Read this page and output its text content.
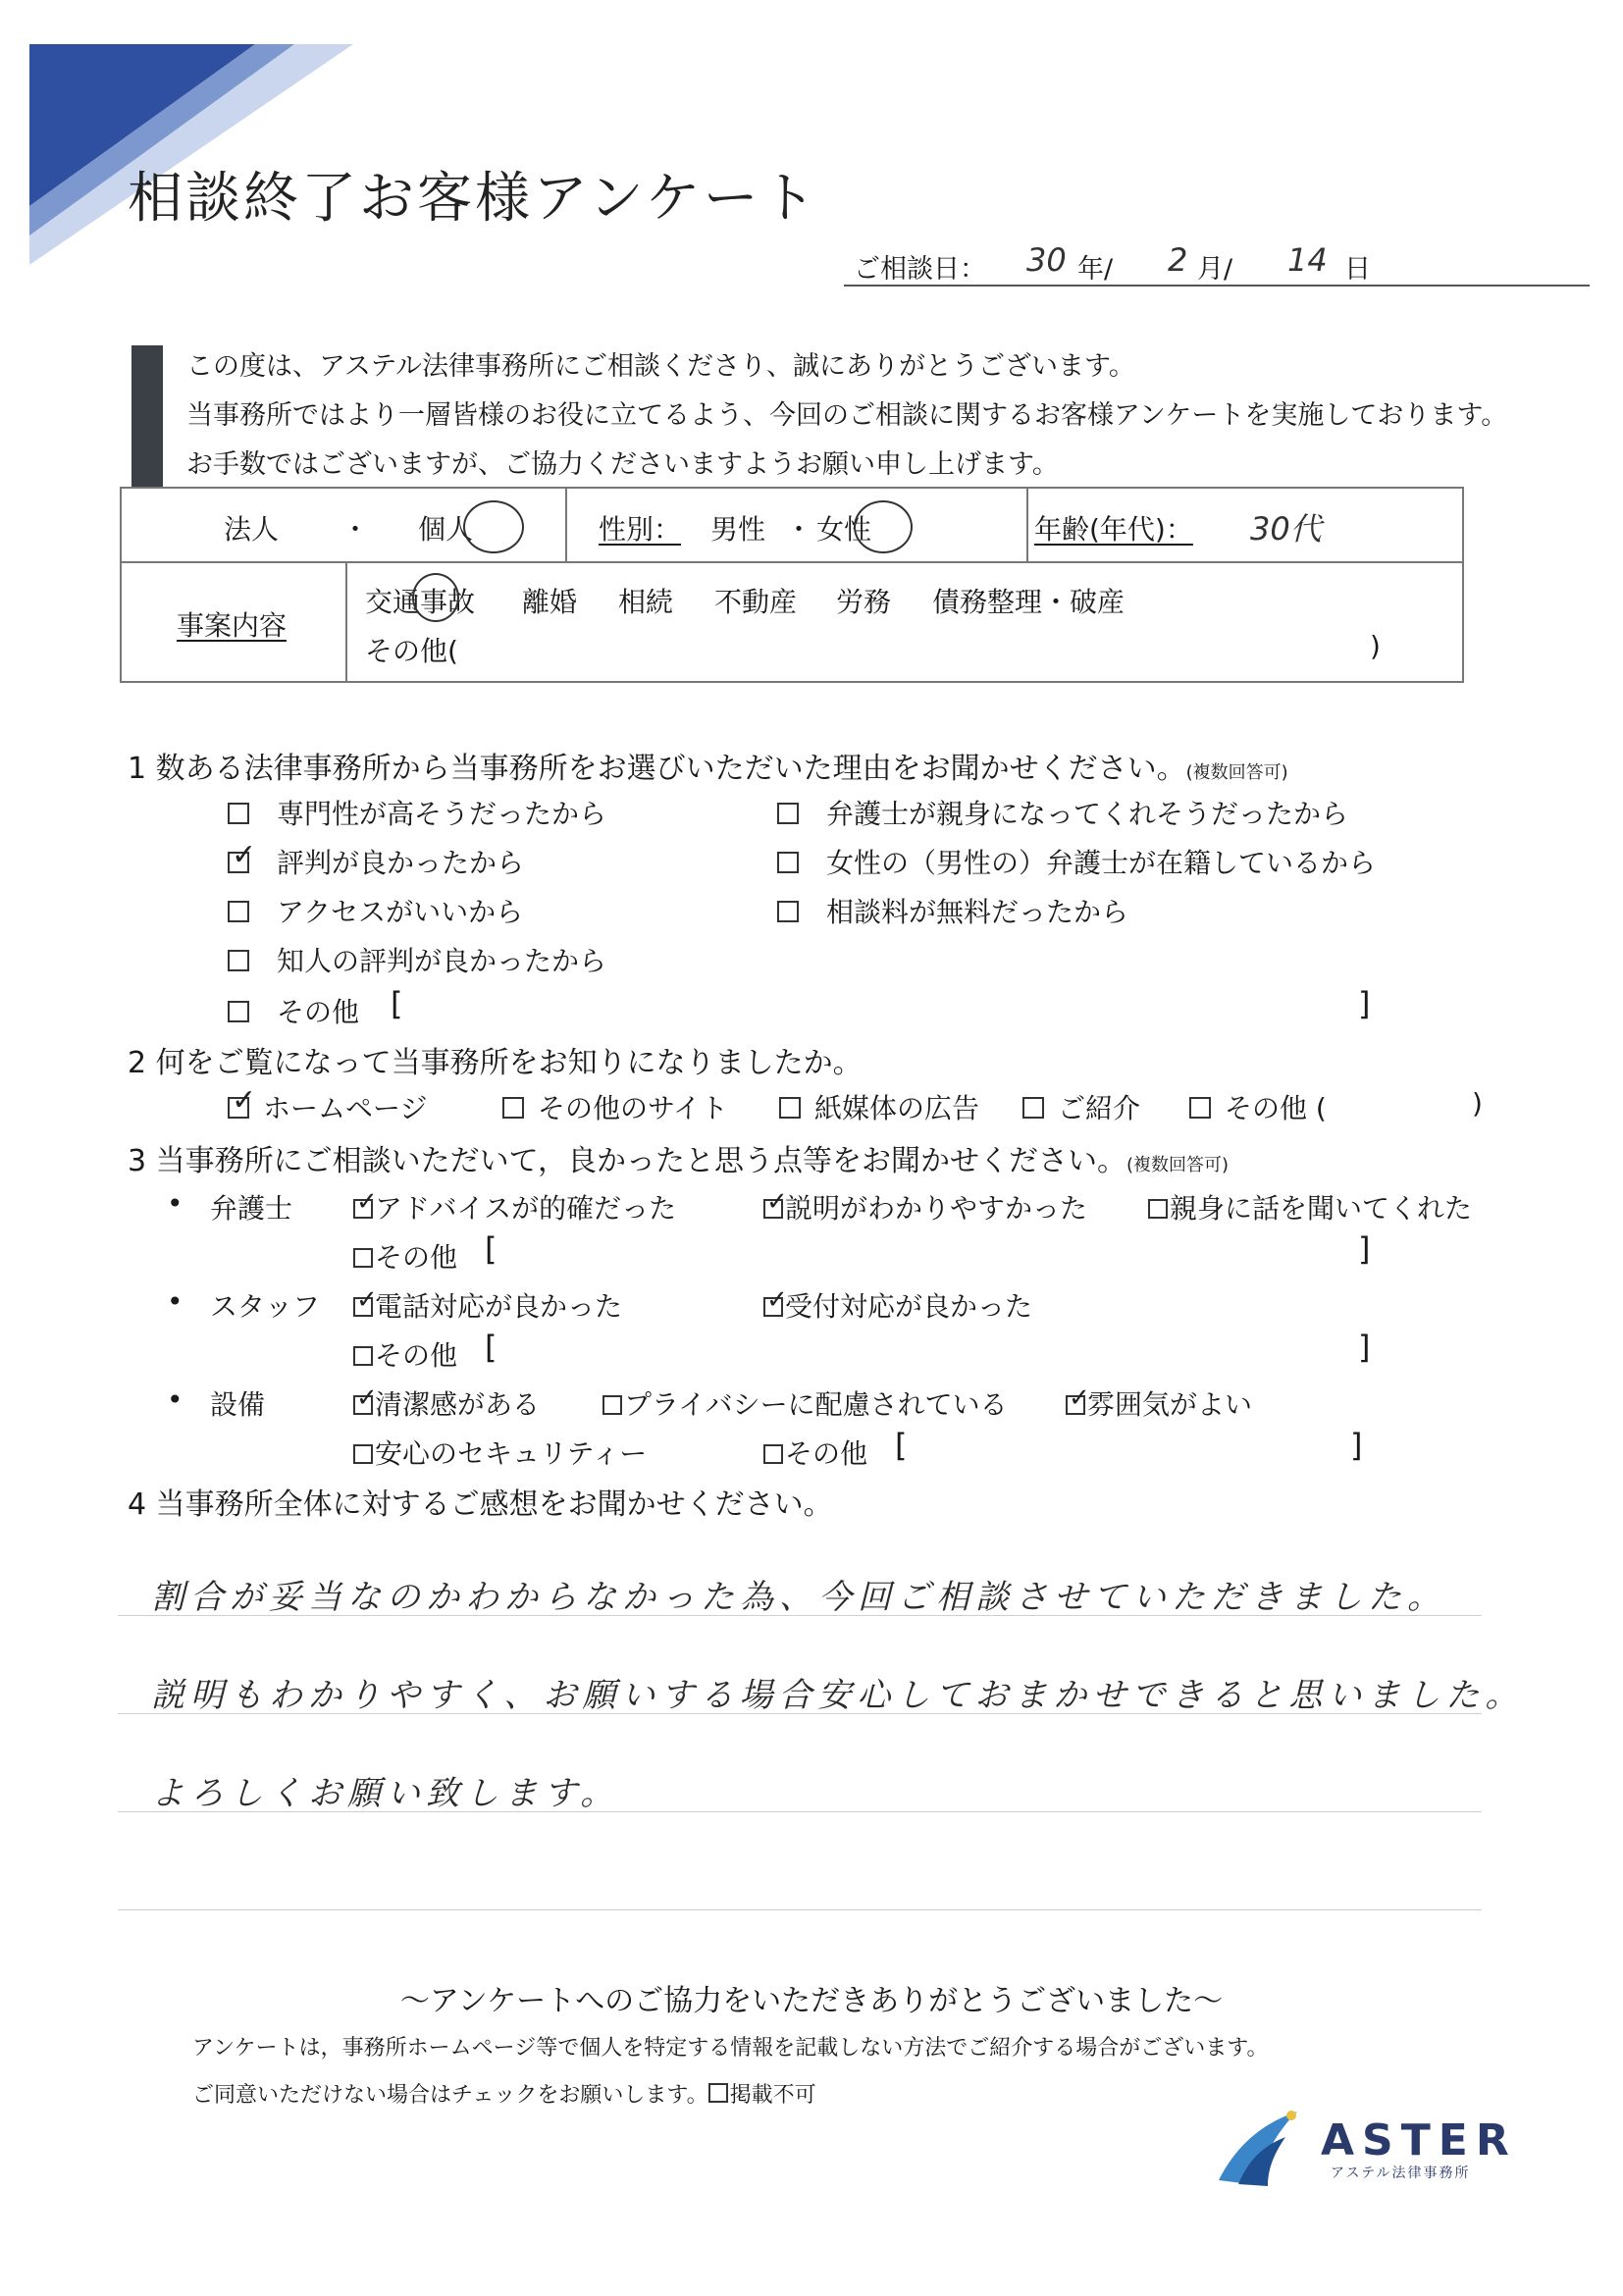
相談終了お客様アンケート
ご相談日： 30 年/ 2 月/ 14 日
この度は、アステル法律事務所にご相談くださり、誠にありがとうございます。
当事務所ではより一層皆様のお役に立てるよう、今回のご相談に関するお客様アンケートを実施しております。
お手数ではございますが、ご協力くださいますようお願い申し上げます。
法人 ・ 個人	性別： 男性 ・ 女性	年齢(年代)： 30代
事案内容
交通事故 離婚 相続 不動産 労務 債務整理・破産
その他(	)
1 数ある法律事務所から当事務所をお選びいただいた理由をお聞かせください。(複数回答可)
専門性が高そうだったから
✓評判が良かったから
アクセスがいいから
知人の評判が良かったから
その他 [	]
弁護士が親身になってくれそうだったから
女性の（男性の）弁護士が在籍しているから
相談料が無料だったから
2 何をご覧になって当事務所をお知りになりましたか。
✓ホームページ	その他のサイト	紙媒体の広告	ご紹介	その他 (	)
3 当事務所にご相談いただいて，良かったと思う点等をお聞かせください。(複数回答可)
• 弁護士 ✓	アドバイスが的確だった ✓	説明がわかりやすかった	親身に話を聞いてくれた
その他 [	]
• スタッフ ✓	電話対応が良かった ✓	受付対応が良かった
その他 [	]
• 設備 ✓	清潔感がある	プライバシーに配慮されている ✓	雰囲気がよい
安心のセキュリティー	その他 [	]
4 当事務所全体に対するご感想をお聞かせください。
割合が妥当なのかわからなかった為、今回ご相談させていただきました。
説明もわかりやすく、お願いする場合安心しておまかせできると思いました。
よろしくお願い致します。
～アンケートへのご協力をいただきありがとうございました～
アンケートは，事務所ホームページ等で個人を特定する情報を記載しない方法でご紹介する場合がございます。
ご同意いただけない場合はチェックをお願いします。 掲載不可
ASTER
アステル法律事務所
